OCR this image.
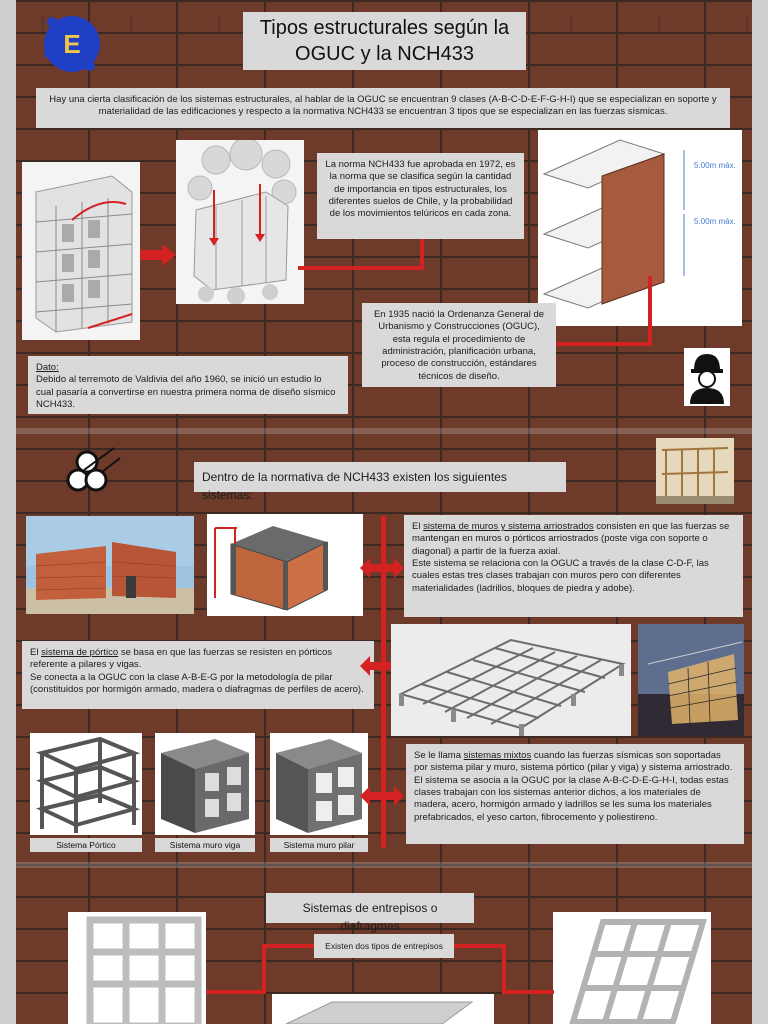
E
Tipos estructurales según la
OGUC y la NCH433
Hay una cierta clasificación de los sistemas estructurales, al hablar de la OGUC se encuentran 9 clases (A-B-C-D-E-F-G-H-I) que se especializan en soporte y materialidad de las edificaciones y respecto a la normativa NCH433 se encuentran 3 tipos que se especializan en las fuerzas sísmicas.
La norma NCH433 fue aprobada en 1972, es la norma que se clasifica según la cantidad de importancia en tipos estructurales, los diferentes suelos de Chile, y la probabilidad de los movimientos telúricos en cada zona.
5.00m máx.
5.00m máx.
En 1935 nació la Ordenanza General de Urbanismo y Construcciones (OGUC), esta regula el procedimiento de administración, planificación urbana, proceso de construcción, estándares técnicos de diseño.
Dato:
Debido al terremoto de Valdivia del año 1960, se inició un estudio lo cual pasaría a convertirse en nuestra primera norma de diseño sísmico NCH433.
Dentro de la normativa de NCH433 existen los siguientes sistemas:
El sistema de muros y sistema arriostrados consisten en que las fuerzas se mantengan en muros o pórticos arriostrados (poste viga con soporte o diagonal) a partir de la fuerza axial.
Este sistema se relaciona con la OGUC a través de la clase C-D-F, las cuales estas tres clases trabajan con muros pero con diferentes materialidades (ladrillos, bloques de piedra y adobe).
El sistema de pórtico se basa en que las fuerzas se resisten en pórticos referente a pilares y vigas.
Se conecta a la OGUC con la clase A-B-E-G por la metodología de pilar (constituidos por hormigón armado, madera o diafragmas de perfiles de acero).
Sistema Pórtico	Sistema muro viga	Sistema muro pilar
Se le llama sistemas mixtos cuando las fuerzas sísmicas son soportadas por sistema pilar y muro, sistema pórtico (pilar y viga) y sistema arriostrado.
El sistema se asocia a la OGUC por la clase A-B-C-D-E-G-H-I, todas estas clases trabajan con los sistemas anterior dichos, a los materiales de madera, acero, hormigón armado y ladrillos se les suma los materiales prefabricados, el yeso carton, fibrocemento y poliestireno.
Sistemas de entrepisos o diafragmas
Existen dos tipos de entrepisos
